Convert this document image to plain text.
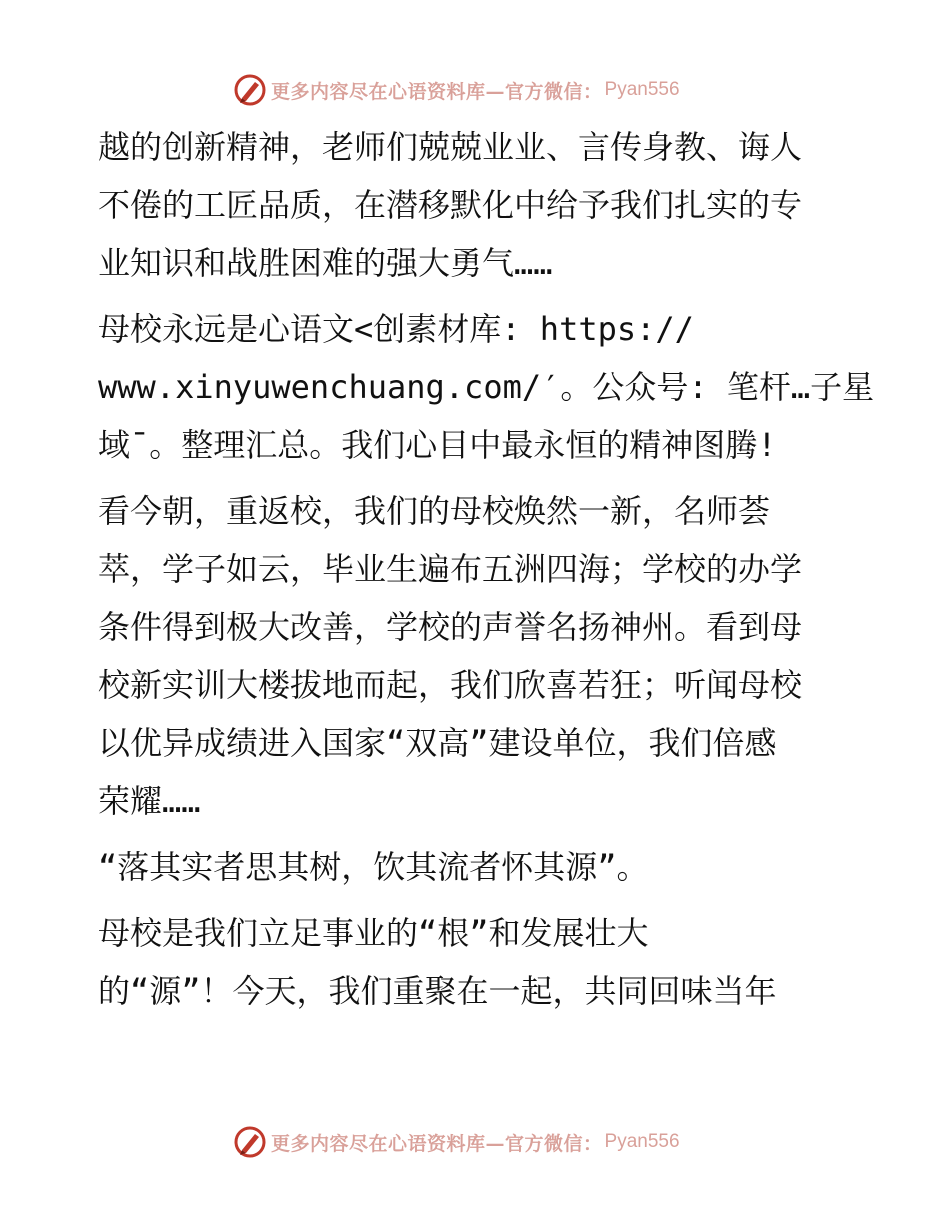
更多内容尽在心语资料库—官方微信： Pyan556
越的创新精神，老师们兢兢业业、言传身教、诲人
不倦的工匠品质，在潜移默化中给予我们扎实的专
业知识和战胜困难的强大勇气……
母校永远是心语文<创素材库: https://
www.xinyuwenchuang.com/′。公众号: 笔杆…子星
域¯。整理汇总。我们心目中最永恒的精神图腾!
看今朝，重返校，我们的母校焕然一新，名师荟
萃，学子如云，毕业生遍布五洲四海；学校的办学
条件得到极大改善，学校的声誉名扬神州。看到母
校新实训大楼拔地而起，我们欣喜若狂；听闻母校
以优异成绩进入国家“双高”建设单位，我们倍感
荣耀……
“落其实者思其树，饮其流者怀其源”。
母校是我们立足事业的“根”和发展壮大
的“源”！今天，我们重聚在一起，共同回味当年
更多内容尽在心语资料库—官方微信： Pyan556
